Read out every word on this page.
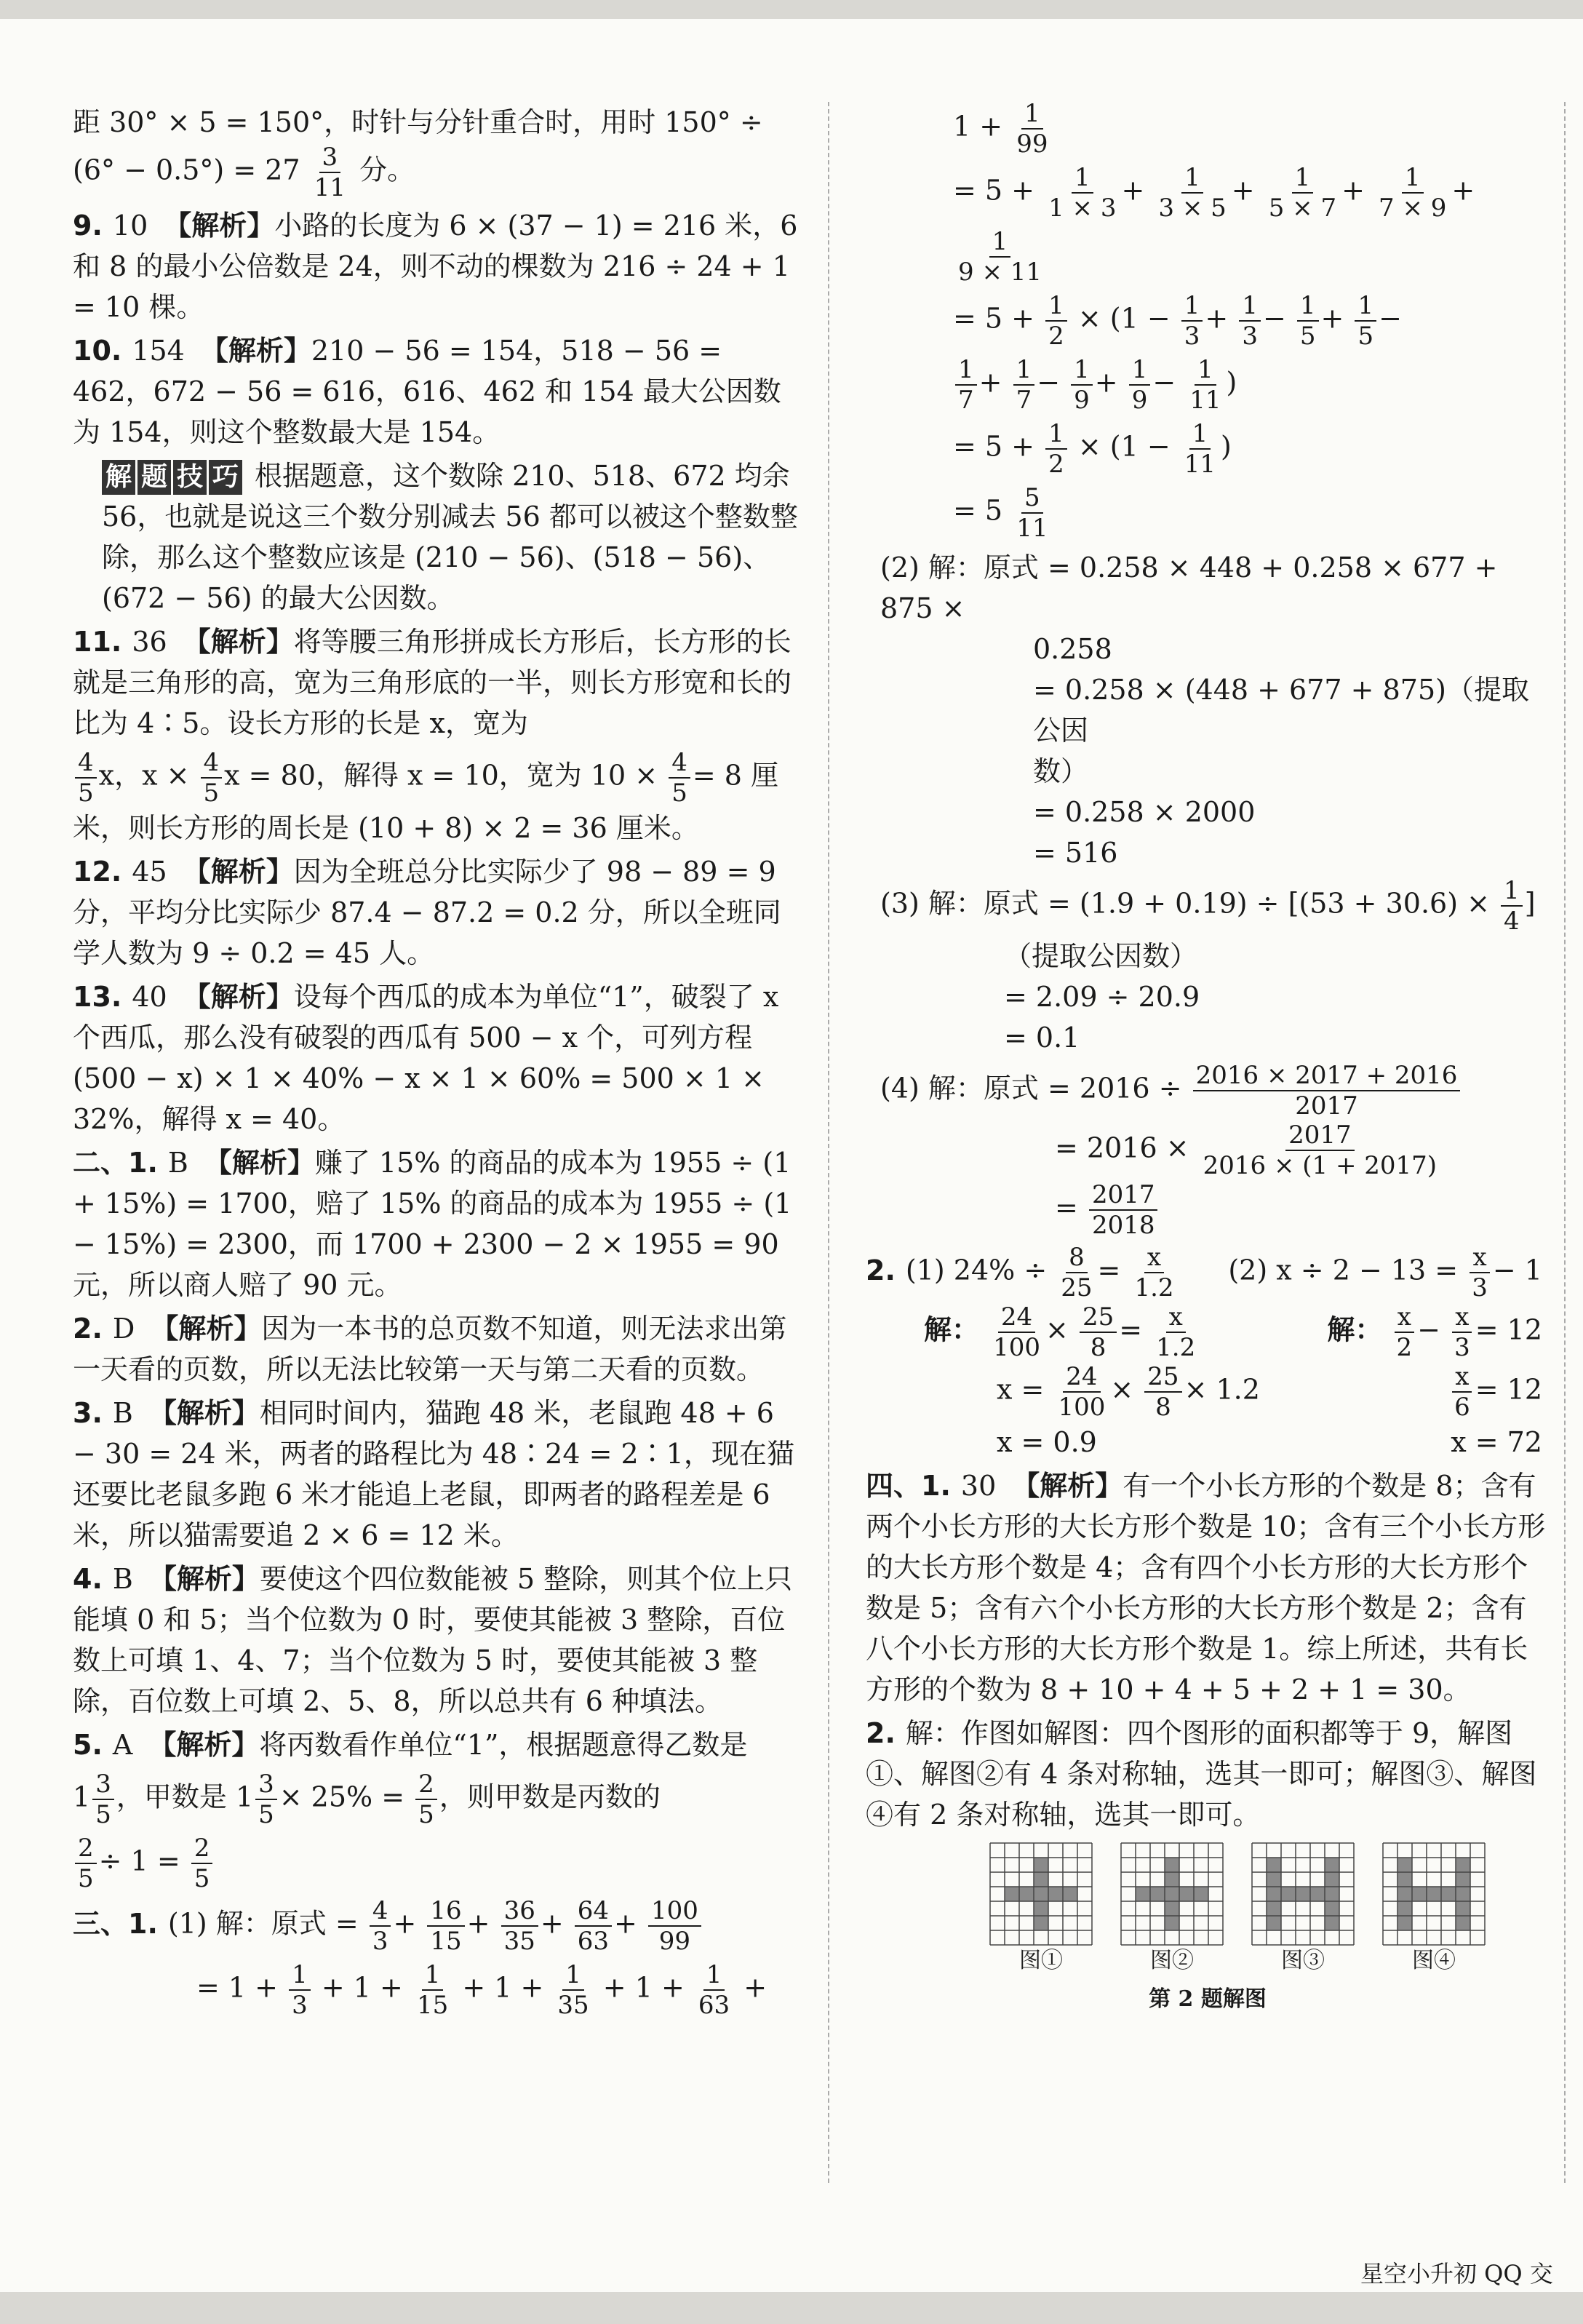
距 30° × 5 = 150°，时针与分针重合时，用时 150° ÷
$(6^\circ - 0.5^\circ) = 27 \frac{3}{11}$ 分。
9. 10 【解析】小路的长度为 6 × (37 − 1) = 216 米，6 和 8 的最小公倍数是 24，则不动的棵数为 216 ÷ 24 + 1 = 10 棵。
10. 154 【解析】210 − 56 = 154，518 − 56 = 462，672 − 56 = 616，616、462 和 154 最大公因数为 154，则这个整数最大是 154。
解 题 技 巧 根据题意，这个数除 210、518、672 均余 56，也就是说这三个数分别减去 56 都可以被这个整数整除，那么这个整数应该是 (210 − 56)、(518 − 56)、(672 − 56) 的最大公因数。
11. 36 【解析】将等腰三角形拼成长方形后，长方形的长就是三角形的高，宽为三角形底的一半，则长方形宽和长的比为 4∶5。设长方形的长是 x，宽为
$\frac{4}{5}$ x，$x \times \frac{4}{5}$ x = 80，解得 x = 10，宽为 $10 \times \frac{4}{5} = 8$ 厘米，则长方形的周长是 (10 + 8) × 2 = 36 厘米。
12. 45 【解析】因为全班总分比实际少了 98 − 89 = 9 分，平均分比实际少 87.4 − 87.2 = 0.2 分，所以全班同学人数为 9 ÷ 0.2 = 45 人。
13. 40 【解析】设每个西瓜的成本为单位“1”，破裂了 x 个西瓜，那么没有破裂的西瓜有 500 − x 个，可列方程 (500 − x) × 1 × 40% − x × 1 × 60% = 500 × 1 × 32%，解得 x = 40。
二、1. B 【解析】赚了 15% 的商品的成本为 1955 ÷ (1 + 15%) = 1700，赔了 15% 的商品的成本为 1955 ÷ (1 − 15%) = 2300，而 1700 + 2300 − 2 × 1955 = 90 元，所以商人赔了 90 元。
2. D 【解析】因为一本书的总页数不知道，则无法求出第一天看的页数，所以无法比较第一天与第二天看的页数。
3. B 【解析】相同时间内，猫跑 48 米，老鼠跑 48 + 6 − 30 = 24 米，两者的路程比为 48∶24 = 2∶1，现在猫还要比老鼠多跑 6 米才能追上老鼠，即两者的路程差是 6 米，所以猫需要追 2 × 6 = 12 米。
4. B 【解析】要使这个四位数能被 5 整除，则其个位上只能填 0 和 5；当个位数为 0 时，要使其能被 3 整除，百位数上可填 1、4、7；当个位数为 5 时，要使其能被 3 整除，百位数上可填 2、5、8，所以总共有 6 种填法。
5. A 【解析】将丙数看作单位“1”，根据题意得乙数是
$1 \frac{3}{5}$ ，甲数是 $1 \frac{3}{5} \times 25\% = \frac{2}{5}$ ，则甲数是丙数的
$\frac{2}{5} \div 1 = \frac{2}{5}$
三、1. (1) 解：原式 = $\frac{4}{3} + \frac{16}{15} + \frac{36}{35} + \frac{64}{63} + \frac{100}{99}$
= $1 + \frac{1}{3} + 1 + \frac{1}{15} + 1 + \frac{1}{35} + 1 + \frac{1}{63}$ +
$1 + \frac{1}{99}$
= $5 + \frac{1}{1 \times 3} + \frac{1}{3 \times 5} + \frac{1}{5 \times 7} + \frac{1}{7 \times 9}$ +
$\frac{1}{9 \times 11}$
= $5 + \frac{1}{2} \times (1 - \frac{1}{3} + \frac{1}{3} - \frac{1}{5} + \frac{1}{5}$ −
$\frac{1}{7} + \frac{1}{7} - \frac{1}{9} + \frac{1}{9} - \frac{1}{11}$ )
= $5 + \frac{1}{2} \times (1 - \frac{1}{11}$ )
= $5 \frac{5}{11}$
(2) 解：原式 = 0.258 × 448 + 0.258 × 677 + 875 ×
0.258
= 0.258 × (448 + 677 + 875)（提取公因
数）
= 0.258 × 2000
= 516
(3) 解：原式 = $(1.9 + 0.19) \div [(53 + 30.6) \times \frac{1}{4}$ ]
（提取公因数）
= 2.09 ÷ 20.9
= 0.1
(4) 解：原式 = $2016 \div \frac{2016 \times 2017 + 2016}{2017}$
= $2016 \times \frac{2017}{2016 \times (1 + 2017)}$
= $\frac{2017}{2018}$
2. (1) $24\% \div \frac{8}{25} = \frac{x}{1.2} (2) x \div 2 - 13 = \frac{x}{3} - 1$
解： $\frac{24}{100} \times \frac{25}{8} = \frac{x}{1.2}$	解： $\frac{x}{2} - \frac{x}{3} = 12$
$x = \frac{24}{100} \times \frac{25}{8} \times 1.2$	$\frac{x}{6} = 12$
x = 0.9	x = 72
四、1. 30 【解析】有一个小长方形的个数是 8；含有两个小长方形的大长方形个数是 10；含有三个小长方形的大长方形个数是 4；含有四个小长方形的大长方形个数是 5；含有六个小长方形的大长方形个数是 2；含有八个小长方形的大长方形个数是 1。综上所述，共有长方形的个数为 8 + 10 + 4 + 5 + 2 + 1 = 30。
2. 解：作图如解图：四个图形的面积都等于 9，解图①、解图②有 4 条对称轴，选其一即可；解图③、解图④有 2 条对称轴，选其一即可。
图①	图②	图③	图④
第 2 题解图
星空小升初 QQ 交
